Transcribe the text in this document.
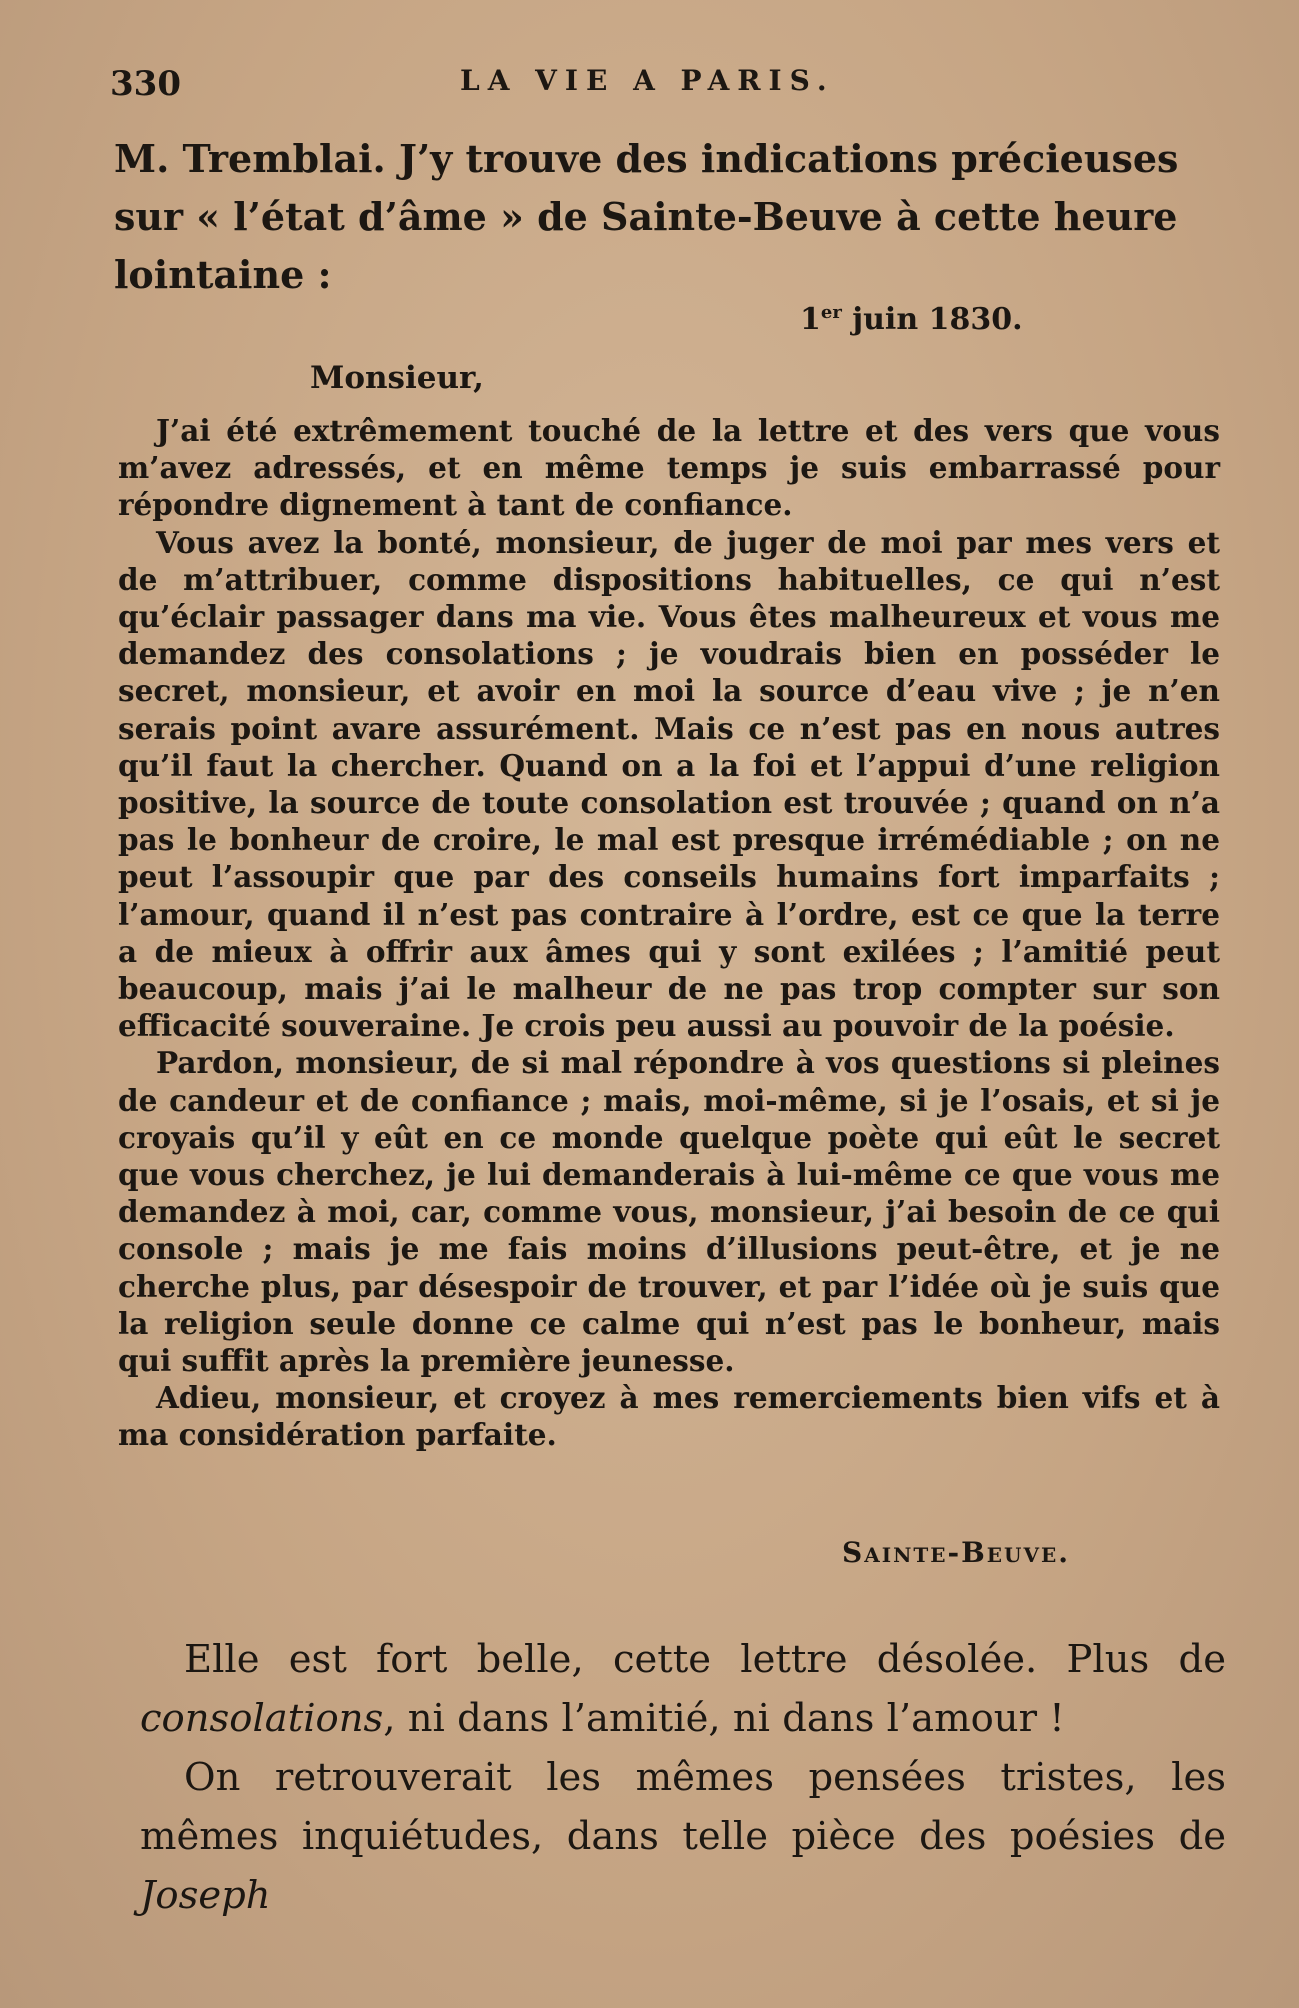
330	LA VIE A PARIS.
M. Tremblai. J’y trouve des indications précieuses sur « l’état d’âme » de Sainte-Beuve à cette heure lointaine :
1er juin 1830.
Monsieur,

J’ai été extrêmement touché de la lettre et des vers que vous m’avez adressés, et en même temps je suis embarrassé pour répondre dignement à tant de confiance.

Vous avez la bonté, monsieur, de juger de moi par mes vers et de m’attribuer, comme dispositions habituelles, ce qui n’est qu’éclair passager dans ma vie. Vous êtes malheureux et vous me demandez des consolations ; je voudrais bien en posséder le secret, monsieur, et avoir en moi la source d’eau vive ; je n’en serais point avare assurément. Mais ce n’est pas en nous autres qu’il faut la chercher. Quand on a la foi et l’appui d’une religion positive, la source de toute consolation est trouvée ; quand on n’a pas le bonheur de croire, le mal est presque irrémédiable ; on ne peut l’assoupir que par des conseils humains fort imparfaits ; l’amour, quand il n’est pas contraire à l’ordre, est ce que la terre a de mieux à offrir aux âmes qui y sont exilées ; l’amitié peut beaucoup, mais j’ai le malheur de ne pas trop compter sur son efficacité souveraine. Je crois peu aussi au pouvoir de la poésie.

Pardon, monsieur, de si mal répondre à vos questions si pleines de candeur et de confiance ; mais, moi-même, si je l’osais, et si je croyais qu’il y eût en ce monde quelque poète qui eût le secret que vous cherchez, je lui demanderais à lui-même ce que vous me demandez à moi, car, comme vous, monsieur, j’ai besoin de ce qui console ; mais je me fais moins d’illusions peut-être, et je ne cherche plus, par désespoir de trouver, et par l’idée où je suis que la religion seule donne ce calme qui n’est pas le bonheur, mais qui suffit après la première jeunesse.

Adieu, monsieur, et croyez à mes remerciements bien vifs et à ma considération parfaite.

Sainte-Beuve.

Elle est fort belle, cette lettre désolée. Plus de consolations, ni dans l’amitié, ni dans l’amour !

On retrouverait les mêmes pensées tristes, les mêmes inquiétudes, dans telle pièce des poésies de Joseph
